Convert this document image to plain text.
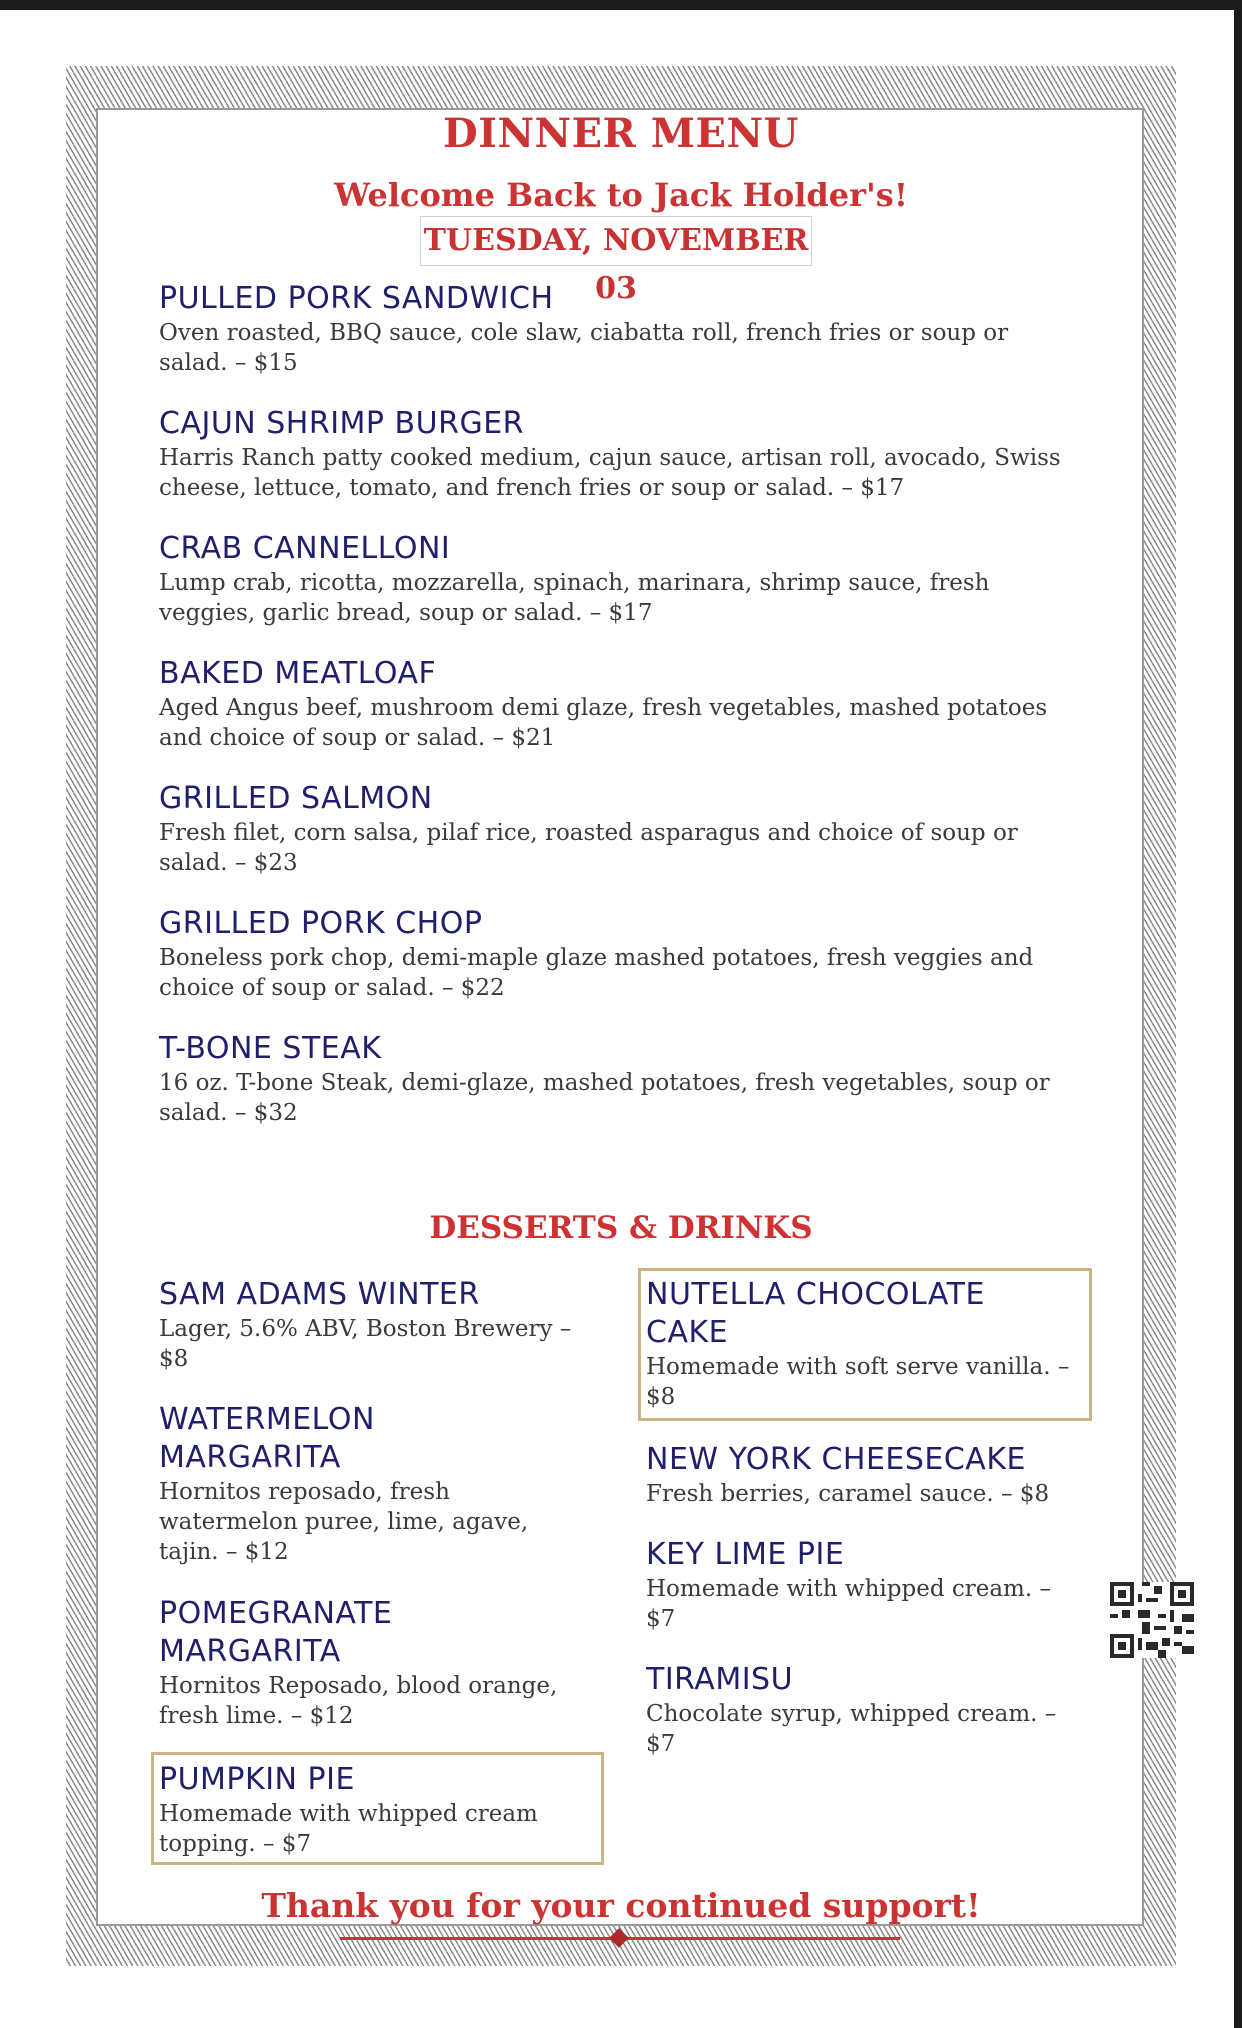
DINNER MENU
Welcome Back to Jack Holder's!
TUESDAY, NOVEMBER 03
PULLED PORK SANDWICH
Oven roasted, BBQ sauce, cole slaw, ciabatta roll, french fries or soup or salad. – $15
CAJUN SHRIMP BURGER
Harris Ranch patty cooked medium, cajun sauce, artisan roll, avocado, Swiss cheese, lettuce, tomato, and french fries or soup or salad. – $17
CRAB CANNELLONI
Lump crab, ricotta, mozzarella, spinach, marinara, shrimp sauce, fresh veggies, garlic bread, soup or salad. – $17
BAKED MEATLOAF
Aged Angus beef, mushroom demi glaze, fresh vegetables, mashed potatoes and choice of soup or salad. – $21
GRILLED SALMON
Fresh filet, corn salsa, pilaf rice, roasted asparagus and choice of soup or salad. – $23
GRILLED PORK CHOP
Boneless pork chop, demi-maple glaze mashed potatoes, fresh veggies and choice of soup or salad. – $22
T-BONE STEAK
16 oz. T-bone Steak, demi-glaze, mashed potatoes, fresh vegetables, soup or salad. – $32
DESSERTS & DRINKS
SAM ADAMS WINTER
Lager, 5.6% ABV, Boston Brewery – $8
WATERMELON MARGARITA
Hornitos reposado, fresh watermelon puree, lime, agave, tajin. – $12
POMEGRANATE MARGARITA
Hornitos Reposado, blood orange, fresh lime. – $12
PUMPKIN PIE
Homemade with whipped cream topping. – $7
NUTELLA CHOCOLATE CAKE
Homemade with soft serve vanilla. – $8
NEW YORK CHEESECAKE
Fresh berries, caramel sauce. – $8
KEY LIME PIE
Homemade with whipped cream. – $7
TIRAMISU
Chocolate syrup, whipped cream. – $7
Thank you for your continued support!
